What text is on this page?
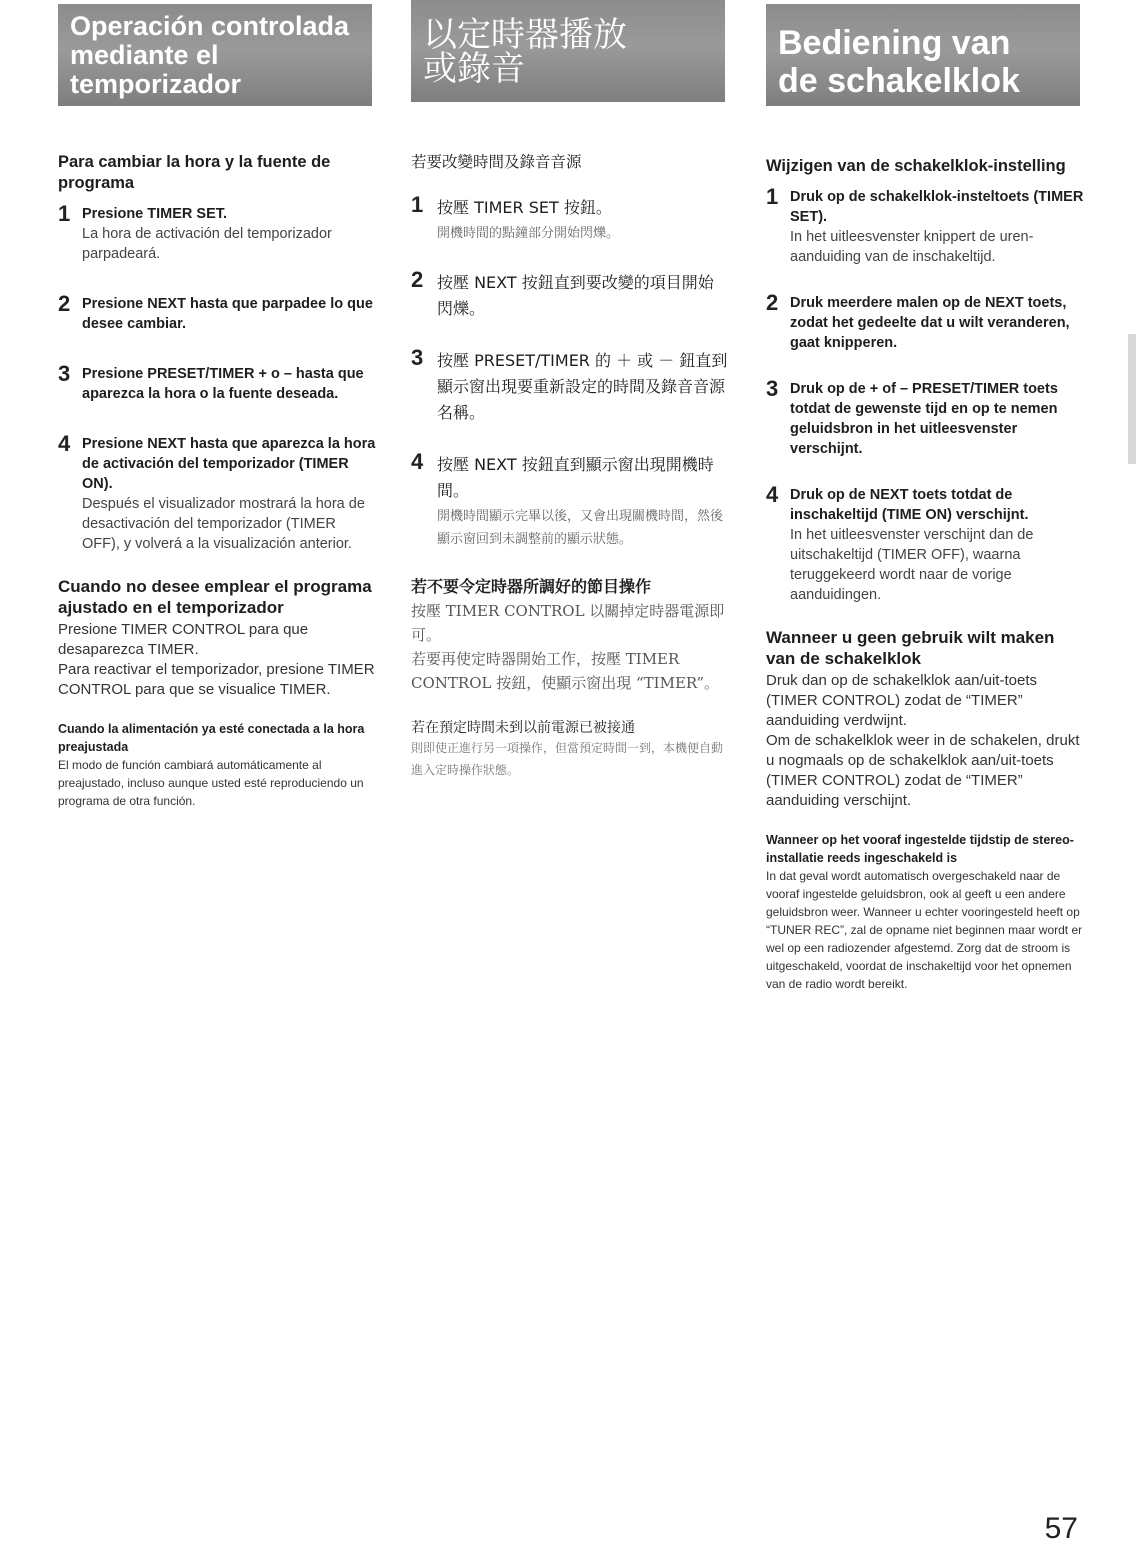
Operación controlada
mediante el
temporizador
Para cambiar la hora y la fuente de programa
1 Presione TIMER SET.
La hora de activación del temporizador parpadeará.
2 Presione NEXT hasta que parpadee lo que desee cambiar.
3 Presione PRESET/TIMER + o – hasta que aparezca la hora o la fuente deseada.
4 Presione NEXT hasta que aparezca la hora de activación del temporizador (TIMER ON).
Después el visualizador mostrará la hora de desactivación del temporizador (TIMER OFF), y volverá a la visualización anterior.
Cuando no desee emplear el programa ajustado en el temporizador

Presione TIMER CONTROL para que desaparezca TIMER.

Para reactivar el temporizador, presione TIMER CONTROL para que se visualice TIMER.

Cuando la alimentación ya esté conectada a la hora preajustada

El modo de función cambiará automáticamente al preajustado, incluso aunque usted esté reproduciendo un programa de otra función.

以定時器播放
或錄音
若要改變時間及錄音音源
1 按壓 TIMER SET 按鈕。
開機時間的點鐘部分開始閃爍。
2 按壓 NEXT 按鈕直到要改變的項目開始閃爍。
3 按壓 PRESET/TIMER 的 ＋ 或 － 鈕直到顯示窗出現要重新設定的時間及錄音音源名稱。
4 按壓 NEXT 按鈕直到顯示窗出現開機時間。
開機時間顯示完畢以後，又會出現關機時間，然後顯示窗回到未調整前的顯示狀態。
若不要令定時器所調好的節目操作

按壓 TIMER CONTROL 以關掉定時器電源即可。

若要再使定時器開始工作，按壓 TIMER CONTROL 按鈕，使顯示窗出現 “TIMER”。

若在預定時間未到以前電源已被接通

則即使正進行另一項操作，但當預定時間一到，本機便自動進入定時操作狀態。

Bediening van
de schakelklok
Wijzigen van de schakelklok-instelling
1 Druk op de schakelklok-insteltoets (TIMER SET).
In het uitleesvenster knippert de uren-aanduiding van de inschakeltijd.
2 Druk meerdere malen op de NEXT toets, zodat het gedeelte dat u wilt veranderen, gaat knipperen.
3 Druk op de + of – PRESET/TIMER toets totdat de gewenste tijd en op te nemen geluidsbron in het uitleesvenster verschijnt.
4 Druk op de NEXT toets totdat de inschakeltijd (TIME ON) verschijnt.
In het uitleesvenster verschijnt dan de uitschakeltijd (TIMER OFF), waarna teruggekeerd wordt naar de vorige aanduidingen.
Wanneer u geen gebruik wilt maken van de schakelklok

Druk dan op de schakelklok aan/uit-toets (TIMER CONTROL) zodat de “TIMER” aanduiding verdwijnt.

Om de schakelklok weer in de schakelen, drukt u nogmaals op de schakelklok aan/uit-toets (TIMER CONTROL) zodat de “TIMER” aanduiding verschijnt.

Wanneer op het vooraf ingestelde tijdstip de stereo-installatie reeds ingeschakeld is

In dat geval wordt automatisch overgeschakeld naar de vooraf ingestelde geluidsbron, ook al geeft u een andere geluidsbron weer. Wanneer u echter vooringesteld heeft op “TUNER REC”, zal de opname niet beginnen maar wordt er wel op een radiozender afgestemd. Zorg dat de stroom is uitgeschakeld, voordat de inschakeltijd voor het opnemen van de radio wordt bereikt.

57
